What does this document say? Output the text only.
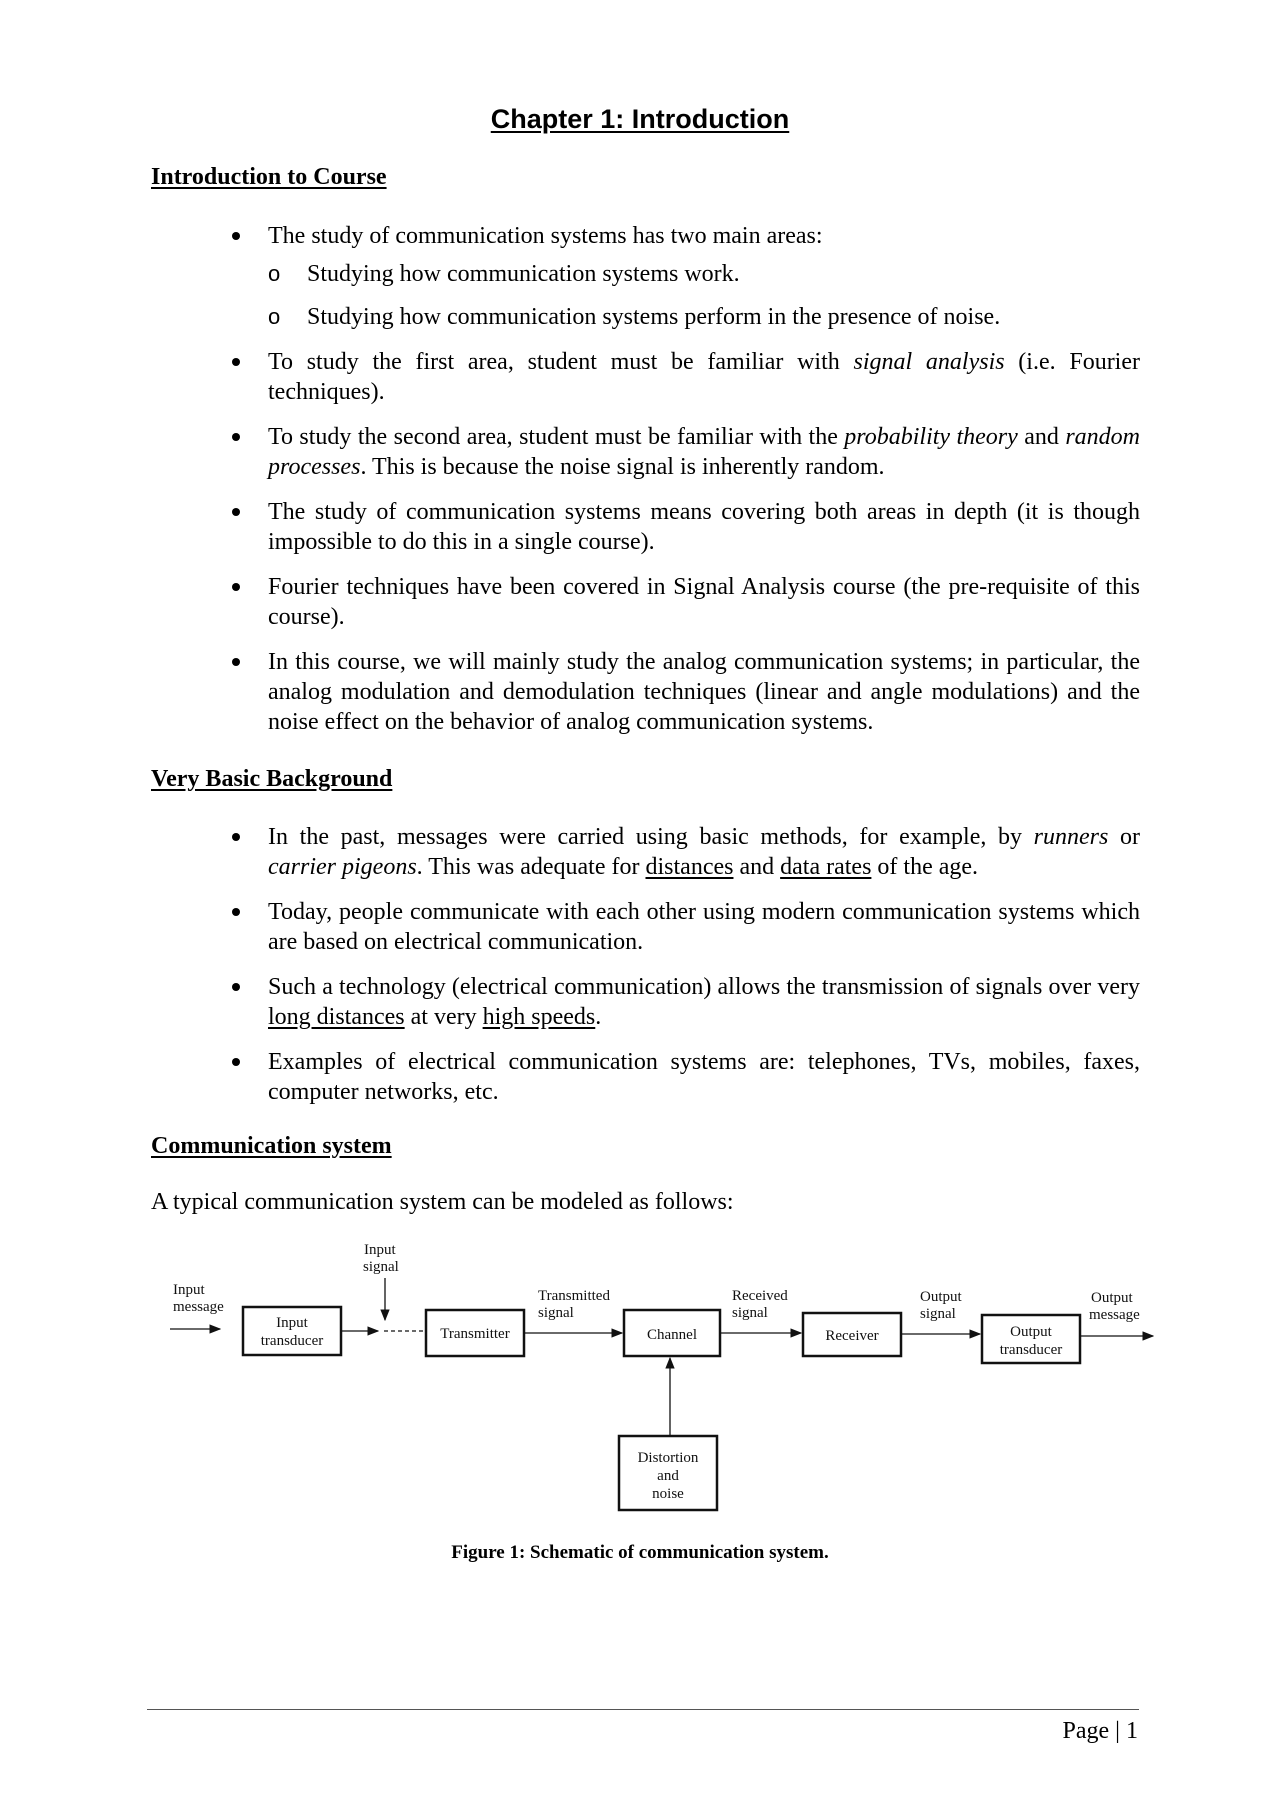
Chapter 1: Introduction
Introduction to Course
The study of communication systems has two main areas:
o Studying how communication systems work.
o Studying how communication systems perform in the presence of noise.
To study the first area, student must be familiar with signal analysis (i.e. Fourier techniques).
To study the second area, student must be familiar with the probability theory and random processes. This is because the noise signal is inherently random.
The study of communication systems means covering both areas in depth (it is though impossible to do this in a single course).
Fourier techniques have been covered in Signal Analysis course (the pre-requisite of this course).
In this course, we will mainly study the analog communication systems; in particular, the analog modulation and demodulation techniques (linear and angle modulations) and the noise effect on the behavior of analog communication systems.
Very Basic Background
In the past, messages were carried using basic methods, for example, by runners or carrier pigeons. This was adequate for distances and data rates of the age.
Today, people communicate with each other using modern communication systems which are based on electrical communication.
Such a technology (electrical communication) allows the transmission of signals over very long distances at very high speeds.
Examples of electrical communication systems are: telephones, TVs, mobiles, faxes, computer networks, etc.
Communication system

A typical communication system can be modeled as follows:

Input
message
Input
transducer
Input
signal
Transmitter
Transmitted
signal
Channel
Received
signal
Receiver
Output
signal
Output
transducer
Output
message
Distortion
and
noise

Figure 1: Schematic of communication system.

Page | 1
